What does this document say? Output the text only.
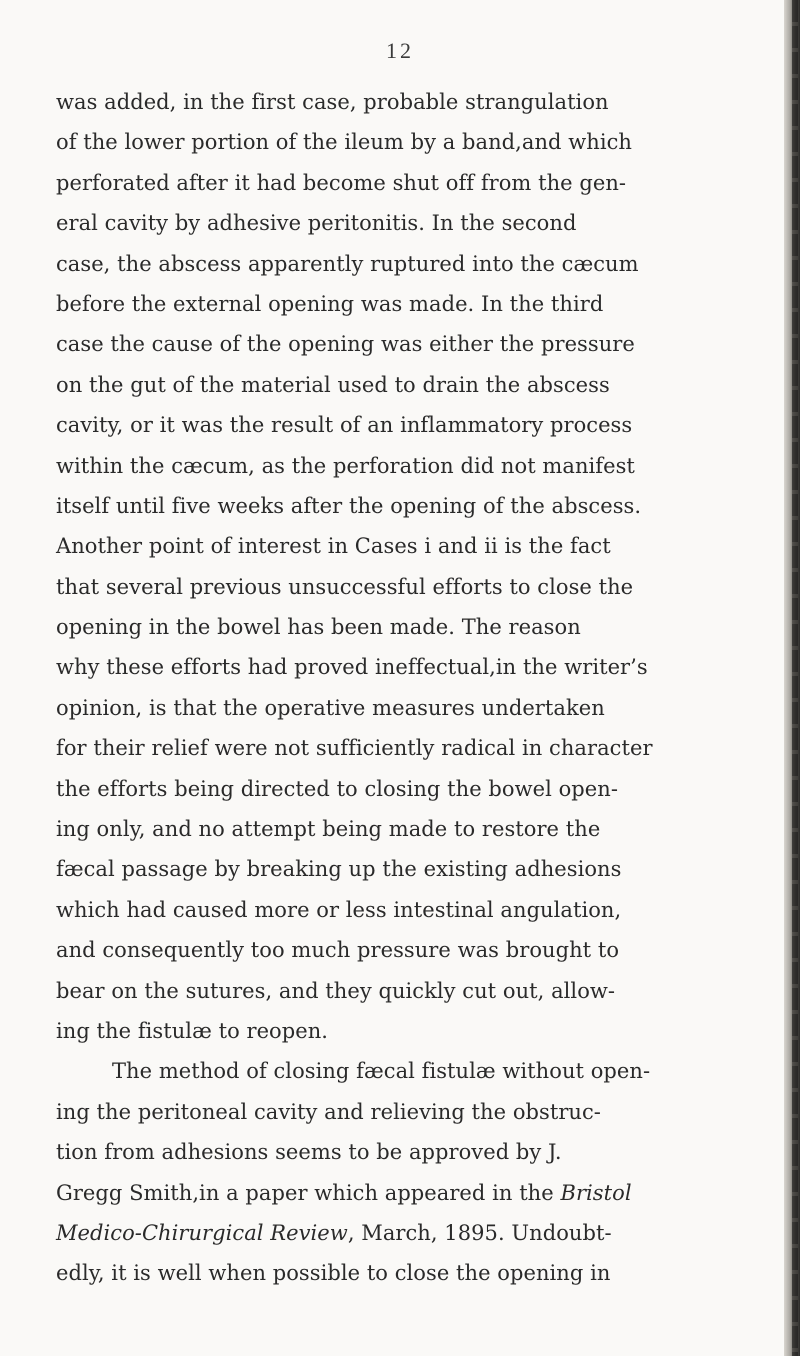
12
was added, in the first case, probable strangulation
of the lower portion of the ileum by a band,and which
perforated after it had become shut off from the gen-
eral cavity by adhesive peritonitis. In the second
case, the abscess apparently ruptured into the cæcum
before the external opening was made. In the third
case the cause of the opening was either the pressure
on the gut of the material used to drain the abscess
cavity, or it was the result of an inflammatory process
within the cæcum, as the perforation did not manifest
itself until five weeks after the opening of the abscess.
Another point of interest in Cases i and ii is the fact
that several previous unsuccessful efforts to close the
opening in the bowel has been made. The reason
why these efforts had proved ineffectual,in the writer’s
opinion, is that the operative measures undertaken
for their relief were not sufficiently radical in character
the efforts being directed to closing the bowel open-
ing only, and no attempt being made to restore the
fæcal passage by breaking up the existing adhesions
which had caused more or less intestinal angulation,
and consequently too much pressure was brought to
bear on the sutures, and they quickly cut out, allow-
ing the fistulæ to reopen.
The method of closing fæcal fistulæ without open-
ing the peritoneal cavity and relieving the obstruc-
tion from adhesions seems to be approved by J.
Gregg Smith,in a paper which appeared in the Bristol
Medico-Chirurgical Review, March, 1895. Undoubt-
edly, it is well when possible to close the opening in
